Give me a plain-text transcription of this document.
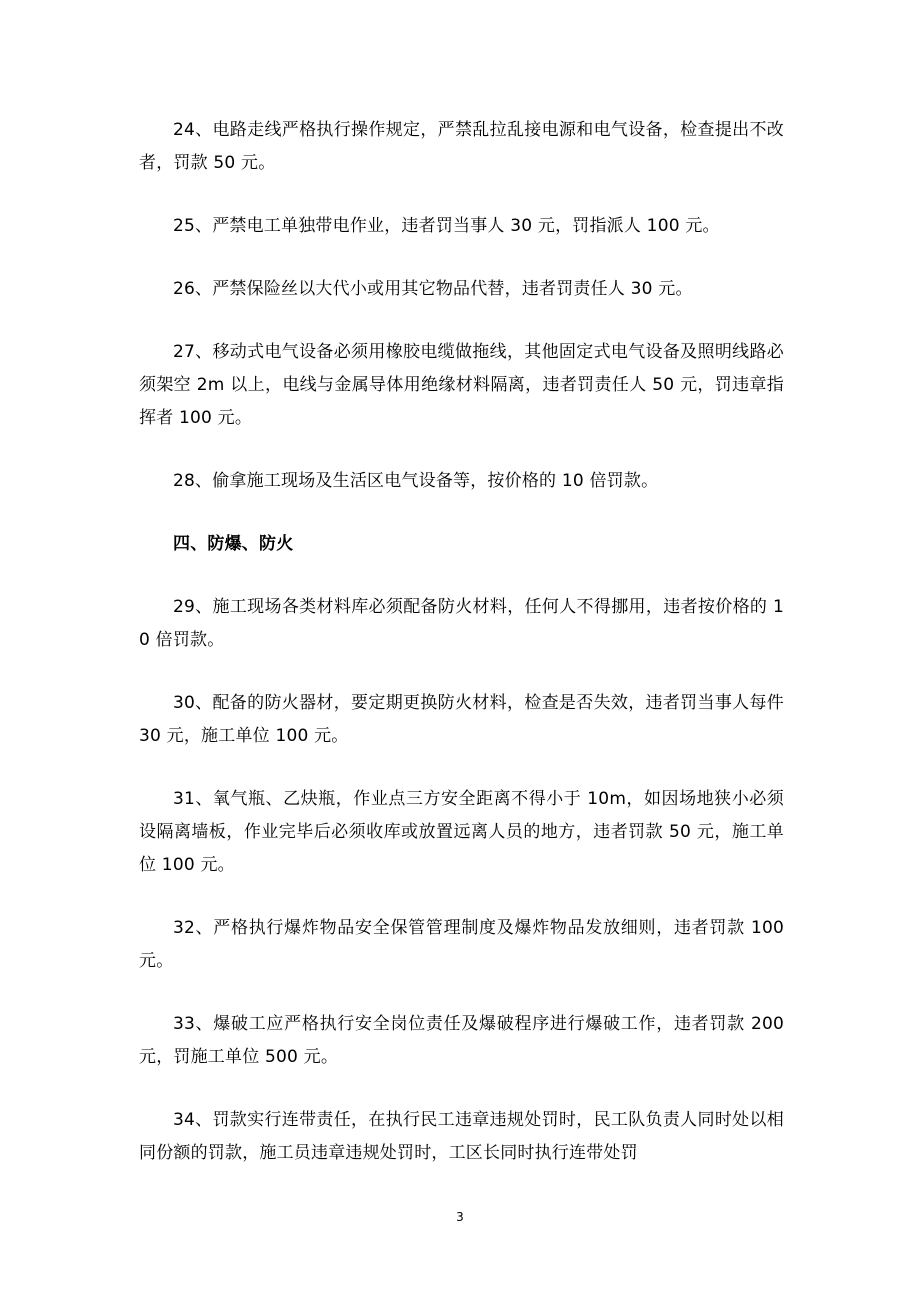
24、电路走线严格执行操作规定，严禁乱拉乱接电源和电气设备，检查提出不改者，罚款 50 元。

25、严禁电工单独带电作业，违者罚当事人 30 元，罚指派人 100 元。

26、严禁保险丝以大代小或用其它物品代替，违者罚责任人 30 元。

27、移动式电气设备必须用橡胶电缆做拖线，其他固定式电气设备及照明线路必须架空 2m 以上，电线与金属导体用绝缘材料隔离，违者罚责任人 50 元，罚违章指挥者 100 元。

28、偷拿施工现场及生活区电气设备等，按价格的 10 倍罚款。

四、防爆、防火

29、施工现场各类材料库必须配备防火材料，任何人不得挪用，违者按价格的 10 倍罚款。

30、配备的防火器材，要定期更换防火材料，检查是否失效，违者罚当事人每件 30 元，施工单位 100 元。

31、氧气瓶、乙炔瓶，作业点三方安全距离不得小于 10m，如因场地狭小必须设隔离墙板，作业完毕后必须收库或放置远离人员的地方，违者罚款 50 元，施工单位 100 元。

32、严格执行爆炸物品安全保管管理制度及爆炸物品发放细则，违者罚款 100 元。

33、爆破工应严格执行安全岗位责任及爆破程序进行爆破工作，违者罚款 200 元，罚施工单位 500 元。

34、罚款实行连带责任，在执行民工违章违规处罚时，民工队负责人同时处以相同份额的罚款，施工员违章违规处罚时，工区长同时执行连带处罚

3
